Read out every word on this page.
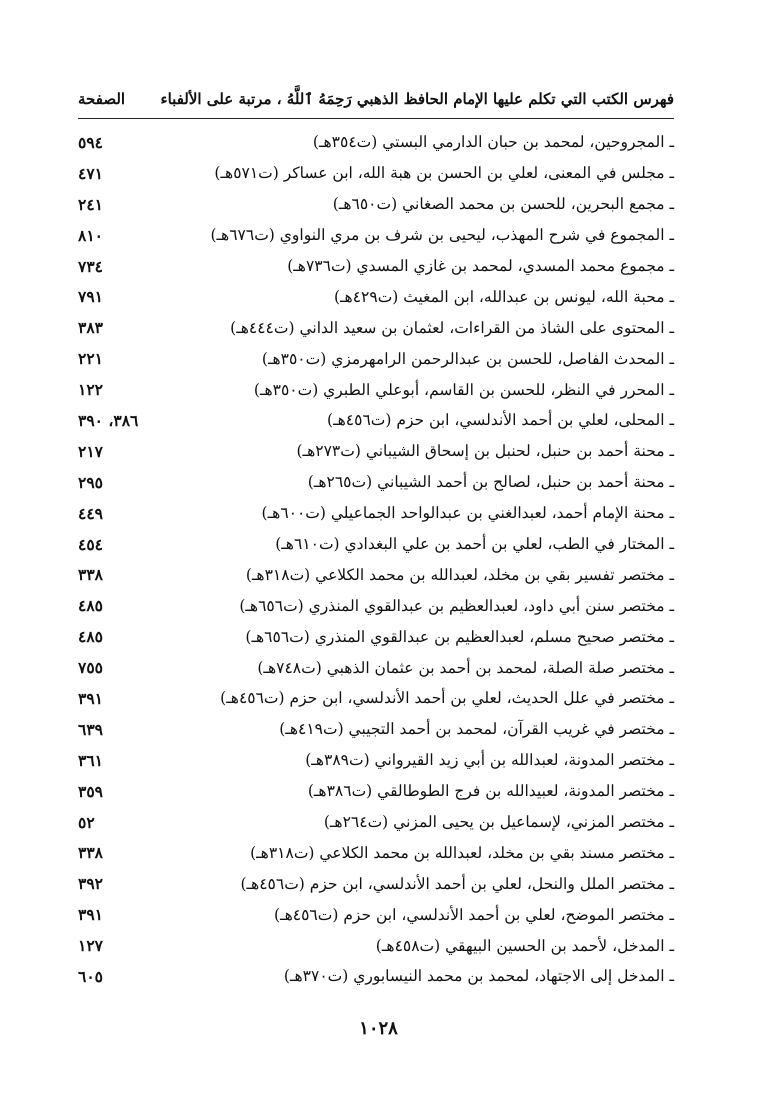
فهرس الكتب التي تكلم عليها الإمام الحافظ الذهبي رَحِمَهُ ٱللَّهُ ، مرتبة على الألفباء
الصفحة
ـ المجروحين، لمحمد بن حبان الدارمي البستي (ت٣٥٤هـ)
٥٩٤
ـ مجلس في المعنى، لعلي بن الحسن بن هبة الله، ابن عساكر (ت٥٧١هـ)
٤٧١
ـ مجمع البحرين، للحسن بن محمد الصغاني (ت٦٥٠هـ)
٢٤١
ـ المجموع في شرح المهذب، ليحيى بن شرف بن مري النواوي (ت٦٧٦هـ)
٨١٠
ـ مجموع محمد المسدي، لمحمد بن غازي المسدي (ت٧٣٦هـ)
٧٣٤
ـ محبة الله، ليونس بن عبدالله، ابن المغيث (ت٤٢٩هـ)
٧٩١
ـ المحتوى على الشاذ من القراءات، لعثمان بن سعيد الداني (ت٤٤٤هـ)
٣٨٣
ـ المحدث الفاصل، للحسن بن عبدالرحمن الرامهرمزي (ت٣٥٠هـ)
٢٢١
ـ المحرر في النظر، للحسن بن القاسم، أبوعلي الطبري (ت٣٥٠هـ)
١٢٢
ـ المحلى، لعلي بن أحمد الأندلسي، ابن حزم (ت٤٥٦هـ)
٣٨٦، ٣٩٠
ـ محنة أحمد بن حنبل، لحنبل بن إسحاق الشيباني (ت٢٧٣هـ)
٢١٧
ـ محنة أحمد بن حنبل، لصالح بن أحمد الشيباني (ت٢٦٥هـ)
٢٩٥
ـ محنة الإمام أحمد، لعبدالغني بن عبدالواحد الجماعيلي (ت٦٠٠هـ)
٤٤٩
ـ المختار في الطب، لعلي بن أحمد بن علي البغدادي (ت٦١٠هـ)
٤٥٤
ـ مختصر تفسير بقي بن مخلد، لعبدالله بن محمد الكلاعي (ت٣١٨هـ)
٣٣٨
ـ مختصر سنن أبي داود، لعبدالعظيم بن عبدالقوي المنذري (ت٦٥٦هـ)
٤٨٥
ـ مختصر صحيح مسلم، لعبدالعظيم بن عبدالقوي المنذري (ت٦٥٦هـ)
٤٨٥
ـ مختصر صلة الصلة، لمحمد بن أحمد بن عثمان الذهبي (ت٧٤٨هـ)
٧٥٥
ـ مختصر في علل الحديث، لعلي بن أحمد الأندلسي، ابن حزم (ت٤٥٦هـ)
٣٩١
ـ مختصر في غريب القرآن، لمحمد بن أحمد التجيبي (ت٤١٩هـ)
٦٣٩
ـ مختصر المدونة، لعبدالله بن أبي زيد القيرواني (ت٣٨٩هـ)
٣٦١
ـ مختصر المدونة، لعبيدالله بن فرج الطوطالقي (ت٣٨٦هـ)
٣٥٩
ـ مختصر المزني، لإسماعيل بن يحيى المزني (ت٢٦٤هـ)
٥٢
ـ مختصر مسند بقي بن مخلد، لعبدالله بن محمد الكلاعي (ت٣١٨هـ)
٣٣٨
ـ مختصر الملل والنحل، لعلي بن أحمد الأندلسي، ابن حزم (ت٤٥٦هـ)
٣٩٢
ـ مختصر الموضح، لعلي بن أحمد الأندلسي، ابن حزم (ت٤٥٦هـ)
٣٩١
ـ المدخل، لأحمد بن الحسين البيهقي (ت٤٥٨هـ)
١٢٧
ـ المدخل إلى الاجتهاد، لمحمد بن محمد النيسابوري (ت٣٧٠هـ)
٦٠٥
١٠٢٨
